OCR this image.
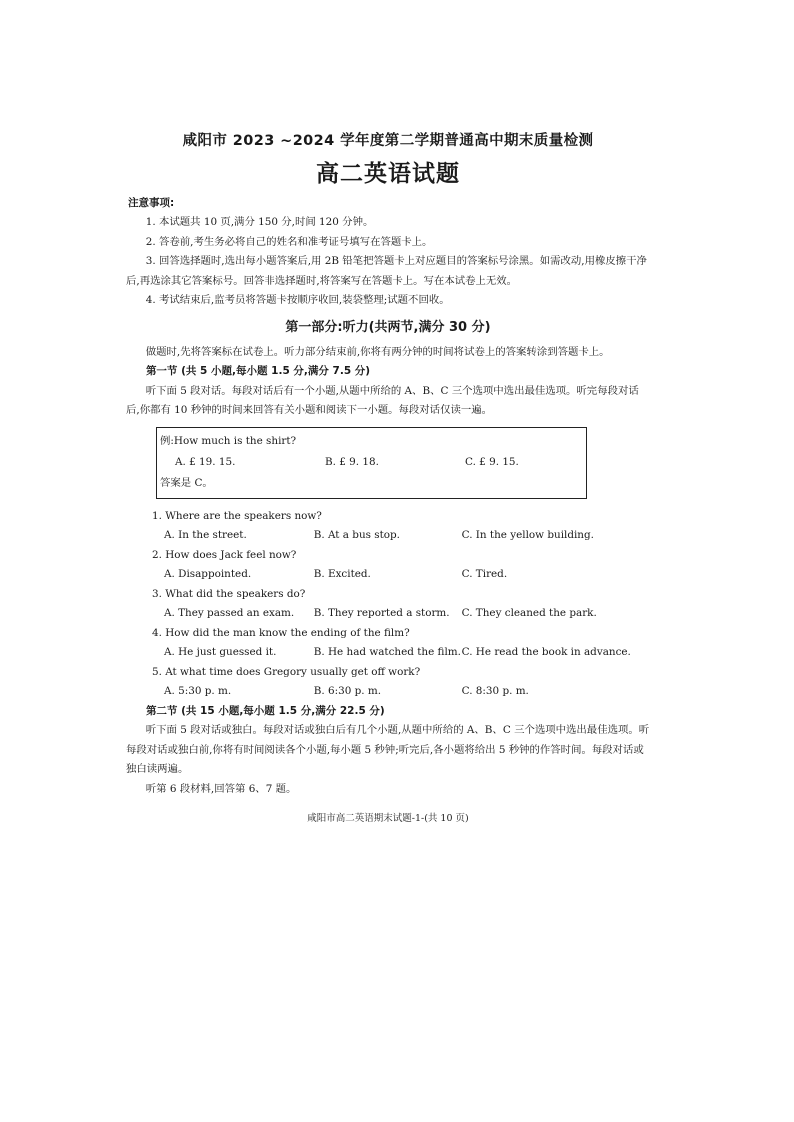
咸阳市 2023 ~2024 学年度第二学期普通高中期末质量检测
高二英语试题
注意事项:
1. 本试题共 10 页,满分 150 分,时间 120 分钟。
2. 答卷前,考生务必将自己的姓名和准考证号填写在答题卡上。
3. 回答选择题时,选出每小题答案后,用 2B 铅笔把答题卡上对应题目的答案标号涂黑。如需改动,用橡皮擦干净后,再选涂其它答案标号。回答非选择题时,将答案写在答题卡上。写在本试卷上无效。
4. 考试结束后,监考员将答题卡按顺序收回,装袋整理;试题不回收。
第一部分:听力(共两节,满分 30 分)
做题时,先将答案标在试卷上。听力部分结束前,你将有两分钟的时间将试卷上的答案转涂到答题卡上。
第一节 (共 5 小题,每小题 1.5 分,满分 7.5 分)
听下面 5 段对话。每段对话后有一个小题,从题中所给的 A、B、C 三个选项中选出最佳选项。听完每段对话后,你都有 10 秒钟的时间来回答有关小题和阅读下一小题。每段对话仅读一遍。
例:How much is the shirt?
A. £ 19. 15.	B. £ 9. 18.	C. £ 9. 15.
答案是 C。
1. Where are the speakers now?
A. In the street.	B. At a bus stop.	C. In the yellow building.
2. How does Jack feel now?
A. Disappointed.	B. Excited.	C. Tired.
3. What did the speakers do?
A. They passed an exam.	B. They reported a storm.	C. They cleaned the park.
4. How did the man know the ending of the film?
A. He just guessed it.	B. He had watched the film. C. He read the book in advance.
5. At what time does Gregory usually get off work?
A. 5:30 p. m.	B. 6:30 p. m.	C. 8:30 p. m.
第二节 (共 15 小题,每小题 1.5 分,满分 22.5 分)
听下面 5 段对话或独白。每段对话或独白后有几个小题,从题中所给的 A、B、C 三个选项中选出最佳选项。听每段对话或独白前,你将有时间阅读各个小题,每小题 5 秒钟;听完后,各小题将给出 5 秒钟的作答时间。每段对话或独白读两遍。
听第 6 段材料,回答第 6、7 题。
咸阳市高二英语期末试题-1-(共 10 页)
